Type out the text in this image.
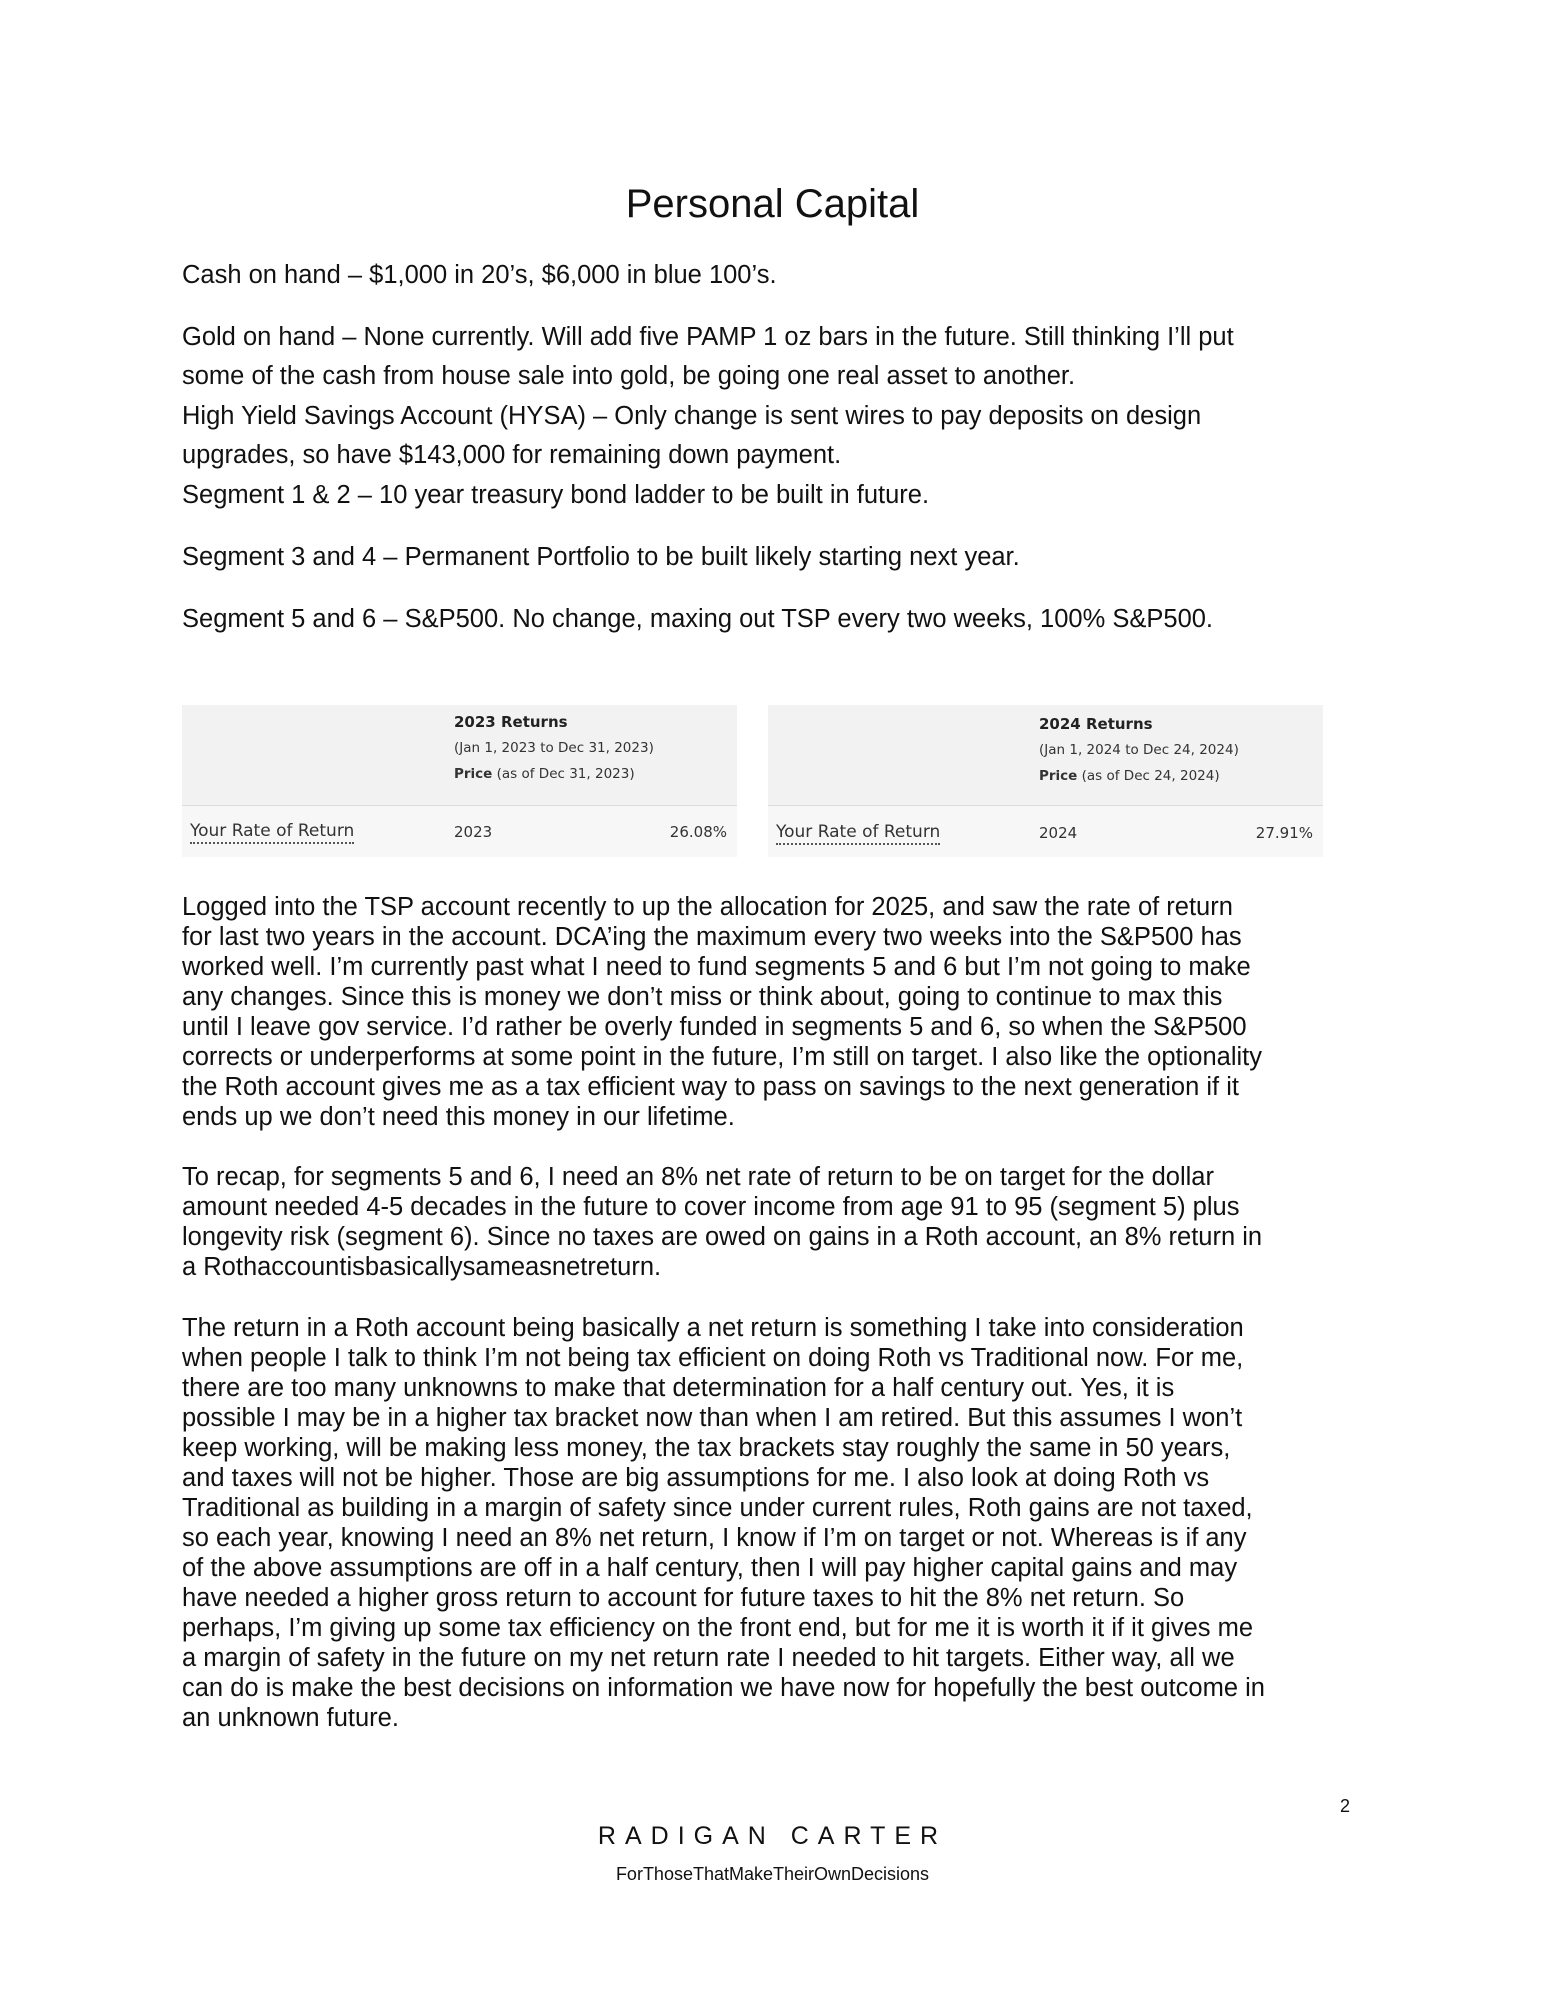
Personal Capital

Cash on hand – $1,000 in 20’s, $6,000 in blue 100’s.

Gold on hand – None currently. Will add five PAMP 1 oz bars in the future. Still thinking I’ll put

some of the cash from house sale into gold, be going one real asset to another.

High Yield Savings Account (HYSA) – Only change is sent wires to pay deposits on design

upgrades, so have $143,000 for remaining down payment.

Segment 1 & 2 – 10 year treasury bond ladder to be built in future.

Segment 3 and 4 – Permanent Portfolio to be built likely starting next year.

Segment 5 and 6 – S&P500. No change, maxing out TSP every two weeks, 100% S&P500.

2023 Returns
(Jan 1, 2023 to Dec 31, 2023)
Price (as of Dec 31, 2023)
Your Rate of Return	2023	26.08%
2024 Returns
(Jan 1, 2024 to Dec 24, 2024)
Price (as of Dec 24, 2024)
Your Rate of Return	2024	27.91%
Logged into the TSP account recently to up the allocation for 2025, and saw the rate of return
for last two years in the account. DCA’ing the maximum every two weeks into the S&P500 has
worked well. I’m currently past what I need to fund segments 5 and 6 but I’m not going to make
any changes. Since this is money we don’t miss or think about, going to continue to max this
until I leave gov service. I’d rather be overly funded in segments 5 and 6, so when the S&P500
corrects or underperforms at some point in the future, I’m still on target. I also like the optionality
the Roth account gives me as a tax efficient way to pass on savings to the next generation if it
ends up we don’t need this money in our lifetime.
To recap, for segments 5 and 6, I need an 8% net rate of return to be on target for the dollar
amount needed 4-5 decades in the future to cover income from age 91 to 95 (segment 5) plus
longevity risk (segment 6). Since no taxes are owed on gains in a Roth account, an 8% return in
a Rothaccountisbasicallysameasnetreturn.
The return in a Roth account being basically a net return is something I take into consideration
when people I talk to think I’m not being tax efficient on doing Roth vs Traditional now. For me,
there are too many unknowns to make that determination for a half century out. Yes, it is
possible I may be in a higher tax bracket now than when I am retired. But this assumes I won’t
keep working, will be making less money, the tax brackets stay roughly the same in 50 years,
and taxes will not be higher. Those are big assumptions for me. I also look at doing Roth vs
Traditional as building in a margin of safety since under current rules, Roth gains are not taxed,
so each year, knowing I need an 8% net return, I know if I’m on target or not. Whereas is if any
of the above assumptions are off in a half century, then I will pay higher capital gains and may
have needed a higher gross return to account for future taxes to hit the 8% net return. So
perhaps, I’m giving up some tax efficiency on the front end, but for me it is worth it if it gives me
a margin of safety in the future on my net return rate I needed to hit targets. Either way, all we
can do is make the best decisions on information we have now for hopefully the best outcome in
an unknown future.
2
RADIGAN CARTER
ForThoseThatMakeTheirOwnDecisions
